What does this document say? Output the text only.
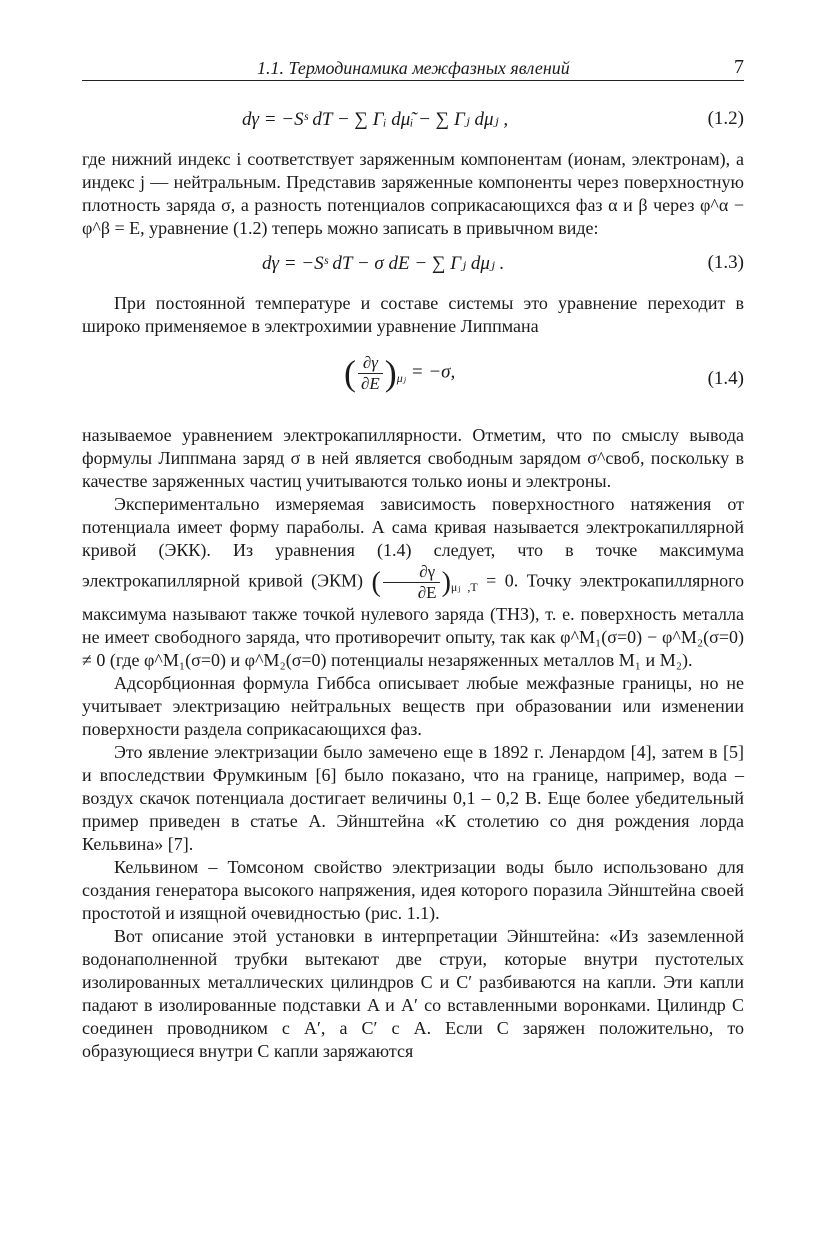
1.1. Термодинамика межфазных явлений	7
dγ = −Sˢ dT − ∑ Γᵢ dμ̃ᵢ − ∑ Γⱼ dμⱼ ,	(1.2)

где нижний индекс i соответствует заряженным компонентам (ионам, электронам), а индекс j — нейтральным. Представив заряженные компоненты через поверхностную плотность заряда σ, а разность потенциалов соприкасающихся фаз α и β через φ^α − φ^β = E, уравнение (1.2) теперь можно записать в привычном виде:

dγ = −Sˢ dT − σ dE − ∑ Γⱼ dμⱼ .	(1.3)

При постоянной температуре и составе системы это уравнение переходит в широко применяемое в электрохимии уравнение Липпмана

( $\frac{\partial\gamma}{\partial E} )_{\mu ⱼ} = -\sigma$,	(1.4)

называемое уравнением электрокапиллярности. Отметим, что по смыслу вывода формулы Липпмана заряд σ в ней является свободным зарядом σ^своб, поскольку в качестве заряженных частиц учитываются только ионы и электроны.

Экспериментально измеряемая зависимость поверхностного натяжения от потенциала имеет форму параболы. А сама кривая называется электрокапиллярной кривой (ЭКК). Из уравнения (1.4) следует, что в точке максимума электрокапиллярной кривой (ЭКМ) ( $\frac{\partial\gamma}{\partial E} )_{\mu ⱼ ,T} = 0$. Точку электрокапиллярного максимума называют также точкой нулевого заряда (ТНЗ), т. е. поверхность металла не имеет свободного заряда, что противоречит опыту, так как φ^M₁(σ=0) − φ^M₂(σ=0) ≠ 0 (где φ^M₁(σ=0) и φ^M₂(σ=0) потенциалы незаряженных металлов M₁ и M₂).

Адсорбционная формула Гиббса описывает любые межфазные границы, но не учитывает электризацию нейтральных веществ при образовании или изменении поверхности раздела соприкасающихся фаз.

Это явление электризации было замечено еще в 1892 г. Ленардом [4], затем в [5] и впоследствии Фрумкиным [6] было показано, что на границе, например, вода – воздух скачок потенциала достигает величины 0,1 – 0,2 В. Еще более убедительный пример приведен в статье А. Эйнштейна «К столетию со дня рождения лорда Кельвина» [7].

Кельвином – Томсоном свойство электризации воды было использовано для создания генератора высокого напряжения, идея которого поразила Эйнштейна своей простотой и изящной очевидностью (рис. 1.1).

Вот описание этой установки в интерпретации Эйнштейна: «Из заземленной водонаполненной трубки вытекают две струи, которые внутри пустотелых изолированных металлических цилиндров C и C′ разбиваются на капли. Эти капли падают в изолированные подставки A и A′ со вставленными воронками. Цилиндр C соединен проводником с A′, а C′ с A. Если C заряжен положительно, то образующиеся внутри C капли заряжаются
